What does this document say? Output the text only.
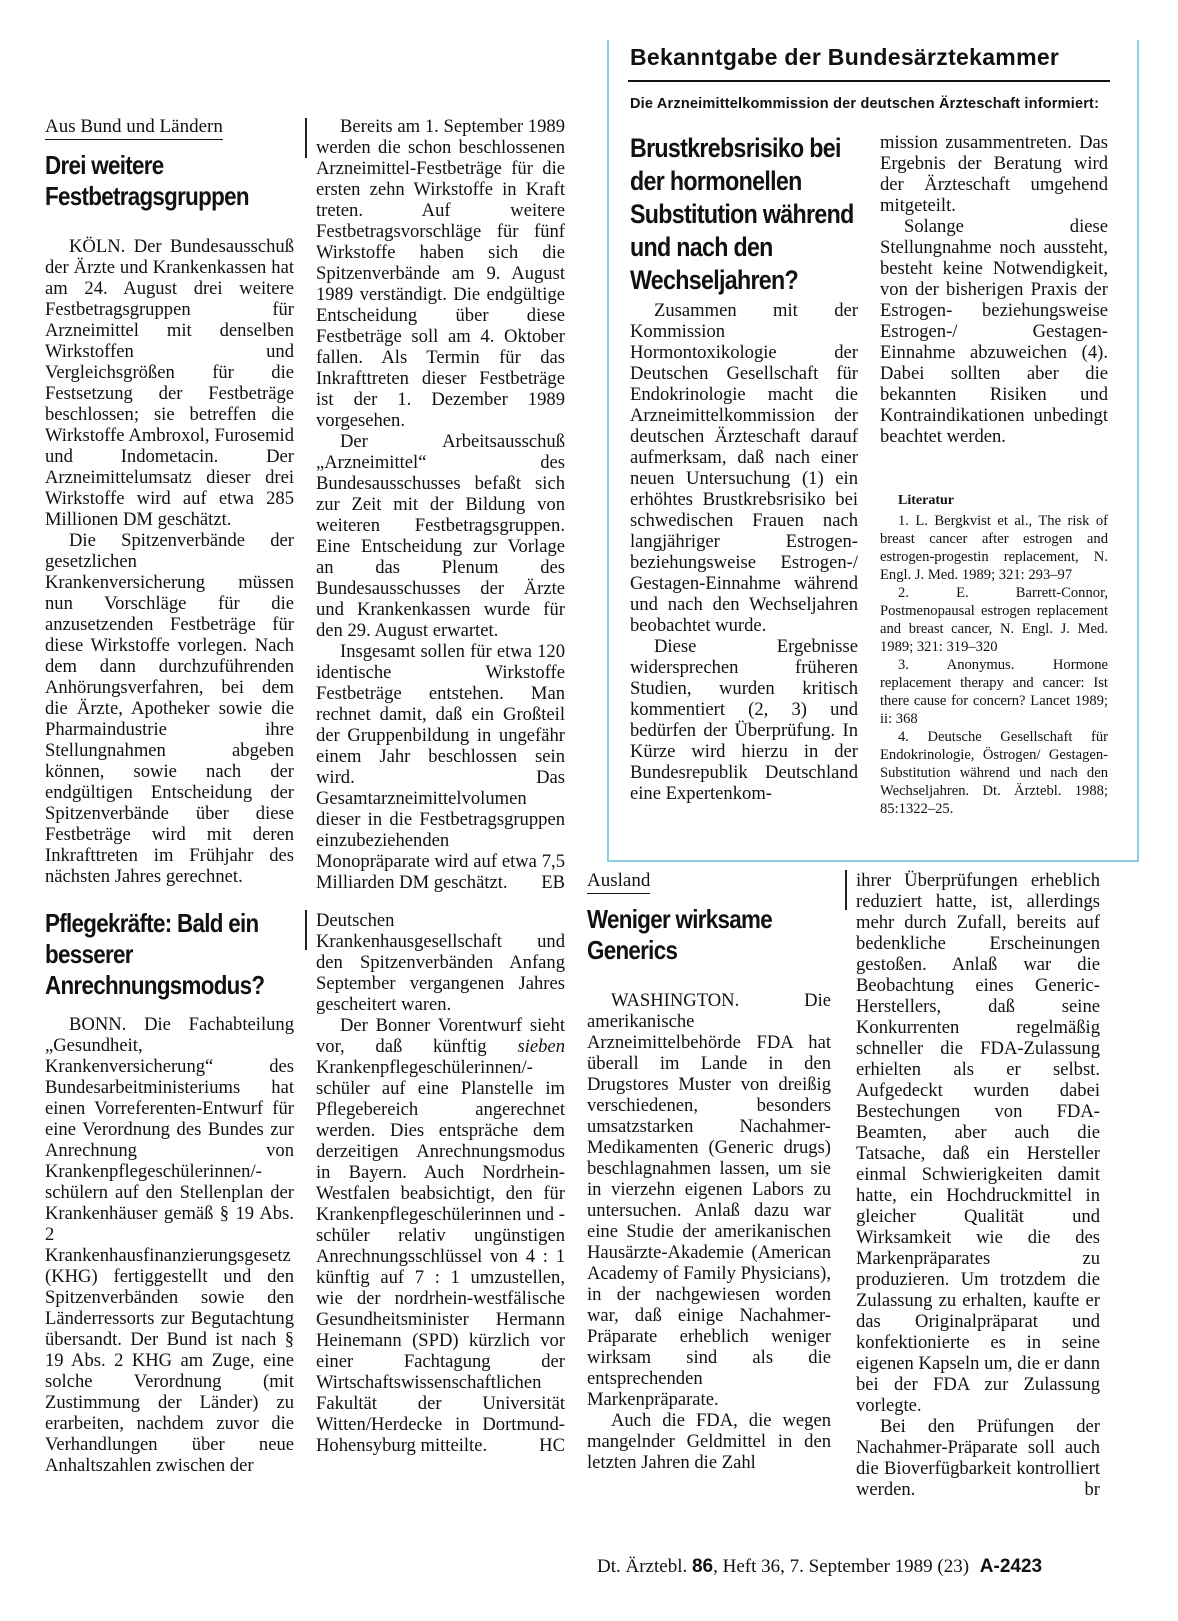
Bekanntgabe der Bundesärztekammer
Die Arzneimittelkommission der deutschen Ärzteschaft informiert:
Brustkrebsrisiko bei der hormonellen Substitution während und nach den Wechseljahren?

Zusammen mit der Kommission Hormontoxikologie der Deutschen Gesellschaft für Endokrinologie macht die Arzneimittelkommission der deutschen Ärzteschaft darauf aufmerksam, daß nach einer neuen Untersuchung (1) ein erhöhtes Brustkrebsrisiko bei schwedischen Frauen nach langjähriger Estrogen- beziehungsweise Estrogen-/ Gestagen-Einnahme während und nach den Wechseljahren beobachtet wurde.

Diese Ergebnisse widersprechen früheren Studien, wurden kritisch kommentiert (2, 3) und bedürfen der Überprüfung. In Kürze wird hierzu in der Bundesrepublik Deutschland eine Expertenkom-

mission zusammentreten. Das Ergebnis der Beratung wird der Ärzteschaft umgehend mitgeteilt.

Solange diese Stellungnahme noch aussteht, besteht keine Notwendigkeit, von der bisherigen Praxis der Estrogen- beziehungsweise Estrogen-/ Gestagen-Einnahme abzuweichen (4). Dabei sollten aber die bekannten Risiken und Kontraindikationen unbedingt beachtet werden.

Literatur

1. L. Bergkvist et al., The risk of breast cancer after estrogen and estrogen-progestin replacement, N. Engl. J. Med. 1989; 321: 293–97

2. E. Barrett-Connor, Postmenopausal estrogen replacement and breast cancer, N. Engl. J. Med. 1989; 321: 319–320

3. Anonymus. Hormone replacement therapy and cancer: Ist there cause for concern? Lancet 1989; ii: 368

4. Deutsche Gesellschaft für Endokrinologie, Östrogen/ Gestagen-Substitution während und nach den Wechseljahren. Dt. Ärztebl. 1988; 85:1322–25.

Aus Bund und Ländern
Drei weitere Festbetragsgruppen

KÖLN. Der Bundesausschuß der Ärzte und Krankenkassen hat am 24. August drei weitere Festbetragsgruppen für Arzneimittel mit denselben Wirkstoffen und Vergleichsgrößen für die Festsetzung der Festbeträge beschlossen; sie betreffen die Wirkstoffe Ambroxol, Furosemid und Indometacin. Der Arzneimittelumsatz dieser drei Wirkstoffe wird auf etwa 285 Millionen DM geschätzt.

Die Spitzenverbände der gesetzlichen Krankenversicherung müssen nun Vorschläge für die anzusetzenden Festbeträge für diese Wirkstoffe vorlegen. Nach dem dann durchzuführenden Anhörungsverfahren, bei dem die Ärzte, Apotheker sowie die Pharmaindustrie ihre Stellungnahmen abgeben können, sowie nach der endgültigen Entscheidung der Spitzenverbände über diese Festbeträge wird mit deren Inkrafttreten im Frühjahr des nächsten Jahres gerechnet.

Bereits am 1. September 1989 werden die schon beschlossenen Arzneimittel-Festbeträge für die ersten zehn Wirkstoffe in Kraft treten. Auf weitere Festbetragsvorschläge für fünf Wirkstoffe haben sich die Spitzenverbände am 9. August 1989 verständigt. Die endgültige Entscheidung über diese Festbeträge soll am 4. Oktober fallen. Als Termin für das Inkrafttreten dieser Festbeträge ist der 1. Dezember 1989 vorgesehen.

Der Arbeitsausschuß „Arzneimittel“ des Bundesausschusses befaßt sich zur Zeit mit der Bildung von weiteren Festbetragsgruppen. Eine Entscheidung zur Vorlage an das Plenum des Bundesausschusses der Ärzte und Krankenkassen wurde für den 29. August erwartet.

Insgesamt sollen für etwa 120 identische Wirkstoffe Festbeträge entstehen. Man rechnet damit, daß ein Großteil der Gruppenbildung in ungefähr einem Jahr beschlossen sein wird. Das Gesamtarzneimittelvolumen dieser in die Festbetragsgruppen einzubeziehenden Monopräparate wird auf etwa 7,5 Milliarden DM geschätzt.	EB

Pflegekräfte: Bald ein besserer Anrechnungsmodus?

BONN. Die Fachabteilung „Gesundheit, Krankenversicherung“ des Bundesarbeitministeriums hat einen Vorreferenten-Entwurf für eine Verordnung des Bundes zur Anrechnung von Krankenpflegeschülerinnen/-schülern auf den Stellenplan der Krankenhäuser gemäß § 19 Abs. 2 Krankenhausfinanzierungsgesetz (KHG) fertiggestellt und den Spitzenverbänden sowie den Länderressorts zur Begutachtung übersandt. Der Bund ist nach § 19 Abs. 2 KHG am Zuge, eine solche Verordnung (mit Zustimmung der Länder) zu erarbeiten, nachdem zuvor die Verhandlungen über neue Anhaltszahlen zwischen der

Deutschen Krankenhausgesellschaft und den Spitzenverbänden Anfang September vergangenen Jahres gescheitert waren.

Der Bonner Vorentwurf sieht vor, daß künftig sieben Krankenpflegeschülerinnen/-schüler auf eine Planstelle im Pflegebereich angerechnet werden. Dies entspräche dem derzeitigen Anrechnungsmodus in Bayern. Auch Nordrhein-Westfalen beabsichtigt, den für Krankenpflegeschülerinnen und -schüler relativ ungünstigen Anrechnungsschlüssel von 4 : 1 künftig auf 7 : 1 umzustellen, wie der nordrhein-westfälische Gesundheitsminister Hermann Heinemann (SPD) kürzlich vor einer Fachtagung der Wirtschaftswissenschaftlichen Fakultät der Universität Witten/Herdecke in Dortmund-Hohensyburg mitteilte.	HC

Ausland
Weniger wirksame Generics

WASHINGTON. Die amerikanische Arzneimittelbehörde FDA hat überall im Lande in den Drugstores Muster von dreißig verschiedenen, besonders umsatzstarken Nachahmer-Medikamenten (Generic drugs) beschlagnahmen lassen, um sie in vierzehn eigenen Labors zu untersuchen. Anlaß dazu war eine Studie der amerikanischen Hausärzte-Akademie (American Academy of Family Physicians), in der nachgewiesen worden war, daß einige Nachahmer-Präparate erheblich weniger wirksam sind als die entsprechenden Markenpräparate.

Auch die FDA, die wegen mangelnder Geldmittel in den letzten Jahren die Zahl

ihrer Überprüfungen erheblich reduziert hatte, ist, allerdings mehr durch Zufall, bereits auf bedenkliche Erscheinungen gestoßen. Anlaß war die Beobachtung eines Generic-Herstellers, daß seine Konkurrenten regelmäßig schneller die FDA-Zulassung erhielten als er selbst. Aufgedeckt wurden dabei Bestechungen von FDA-Beamten, aber auch die Tatsache, daß ein Hersteller einmal Schwierigkeiten damit hatte, ein Hochdruckmittel in gleicher Qualität und Wirksamkeit wie die des Markenpräparates zu produzieren. Um trotzdem die Zulassung zu erhalten, kaufte er das Originalpräparat und konfektionierte es in seine eigenen Kapseln um, die er dann bei der FDA zur Zulassung vorlegte.

Bei den Prüfungen der Nachahmer-Präparate soll auch die Bioverfügbarkeit kontrolliert werden.	br

Dt. Ärztebl. 86, Heft 36, 7. September 1989 (23) A-2423
